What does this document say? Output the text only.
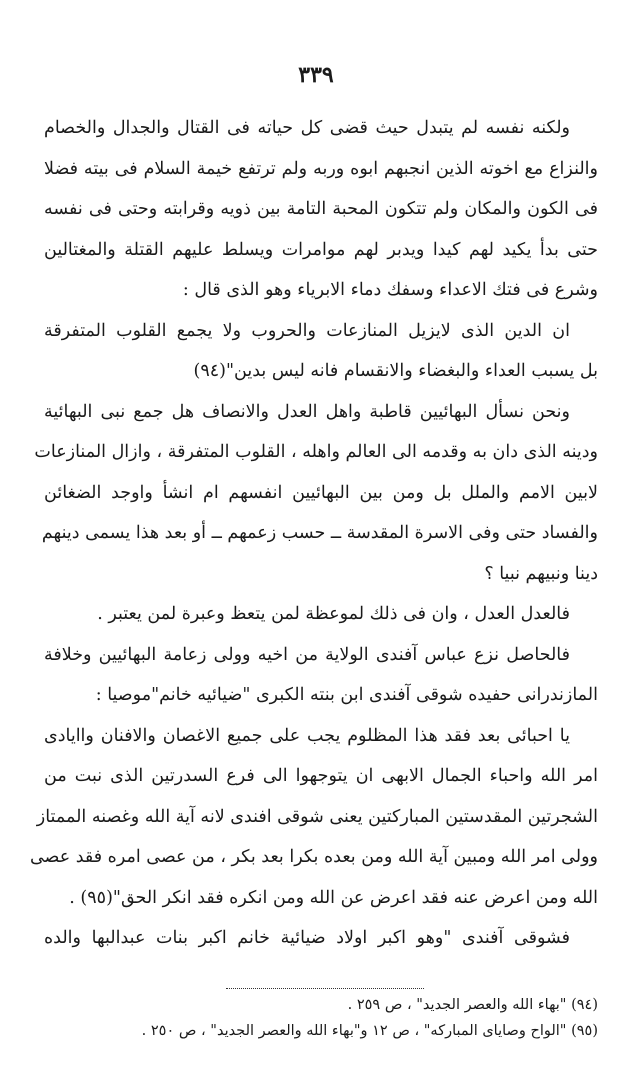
٣٣٩
ولكنه نفسه لم يتبدل حيث قضى كل حياته فى القتال والجدال والخصام
والنزاع مع اخوته الذين انجبهم ابوه وربه ولم ترتفع خيمة السلام فى بيته فضلا
فى الكون والمكان ولم تتكون المحبة التامة بين ذويه وقرابته وحتى فى نفسه
حتى بدأ يكيد لهم كيدا ويدبر لهم موامرات ويسلط عليهم القتلة والمغتالين
وشرع فى فتك الاعداء وسفك دماء الابرياء وهو الذى قال :
ان الدين الذى لايزيل المنازعات والحروب ولا يجمع القلوب المتفرقة
بل يسبب العداء والبغضاء والانقسام فانه ليس بدين"(٩٤)
ونحن نسأل البهائيين قاطبة واهل العدل والانصاف هل جمع نبى البهائية
ودينه الذى دان به وقدمه الى العالم واهله ، القلوب المتفرقة ، وازال المنازعات
لابين الامم والملل بل ومن بين البهائيين انفسهم ام انشأ واوجد الضغائن
والفساد حتى وفى الاسرة المقدسة ــ حسب زعمهم ــ أو بعد هذا يسمى دينهم
دينا ونبيهم نبيا ؟
فالعدل العدل ، وان فى ذلك لموعظة لمن يتعظ وعبرة لمن يعتبر .
فالحاصل نزع عباس آفندى الولاية من اخيه وولى زعامة البهائيين وخلافة
المازندرانى حفيده شوقى آفندى ابن بنته الكبرى "ضيائيه خانم"موصيا :
يا احبائى بعد فقد هذا المظلوم يجب على جميع الاغصان والافنان واايادى
امر الله واحباء الجمال الابهى ان يتوجهوا الى فرع السدرتين الذى نبت من
الشجرتين المقدستين المباركتين يعنى شوقى افندى لانه آية الله وغصنه الممتاز
وولى امر الله ومبين آية الله ومن بعده بكرا بعد بكر ، من عصى امره فقد عصى
الله ومن اعرض عنه فقد اعرض عن الله ومن انكره فقد انكر الحق"(٩٥) .
فشوقى آفندى "وهو اكبر اولاد ضيائية خانم اكبر بنات عبدالبها والده
(٩٤) "بهاء الله والعصر الجديد" ، ص ٢٥٩ .
(٩٥) "الواح وصاياى المباركه" ، ص ١٢ و"بهاء الله والعصر الجديد" ، ص ٢٥٠ .
